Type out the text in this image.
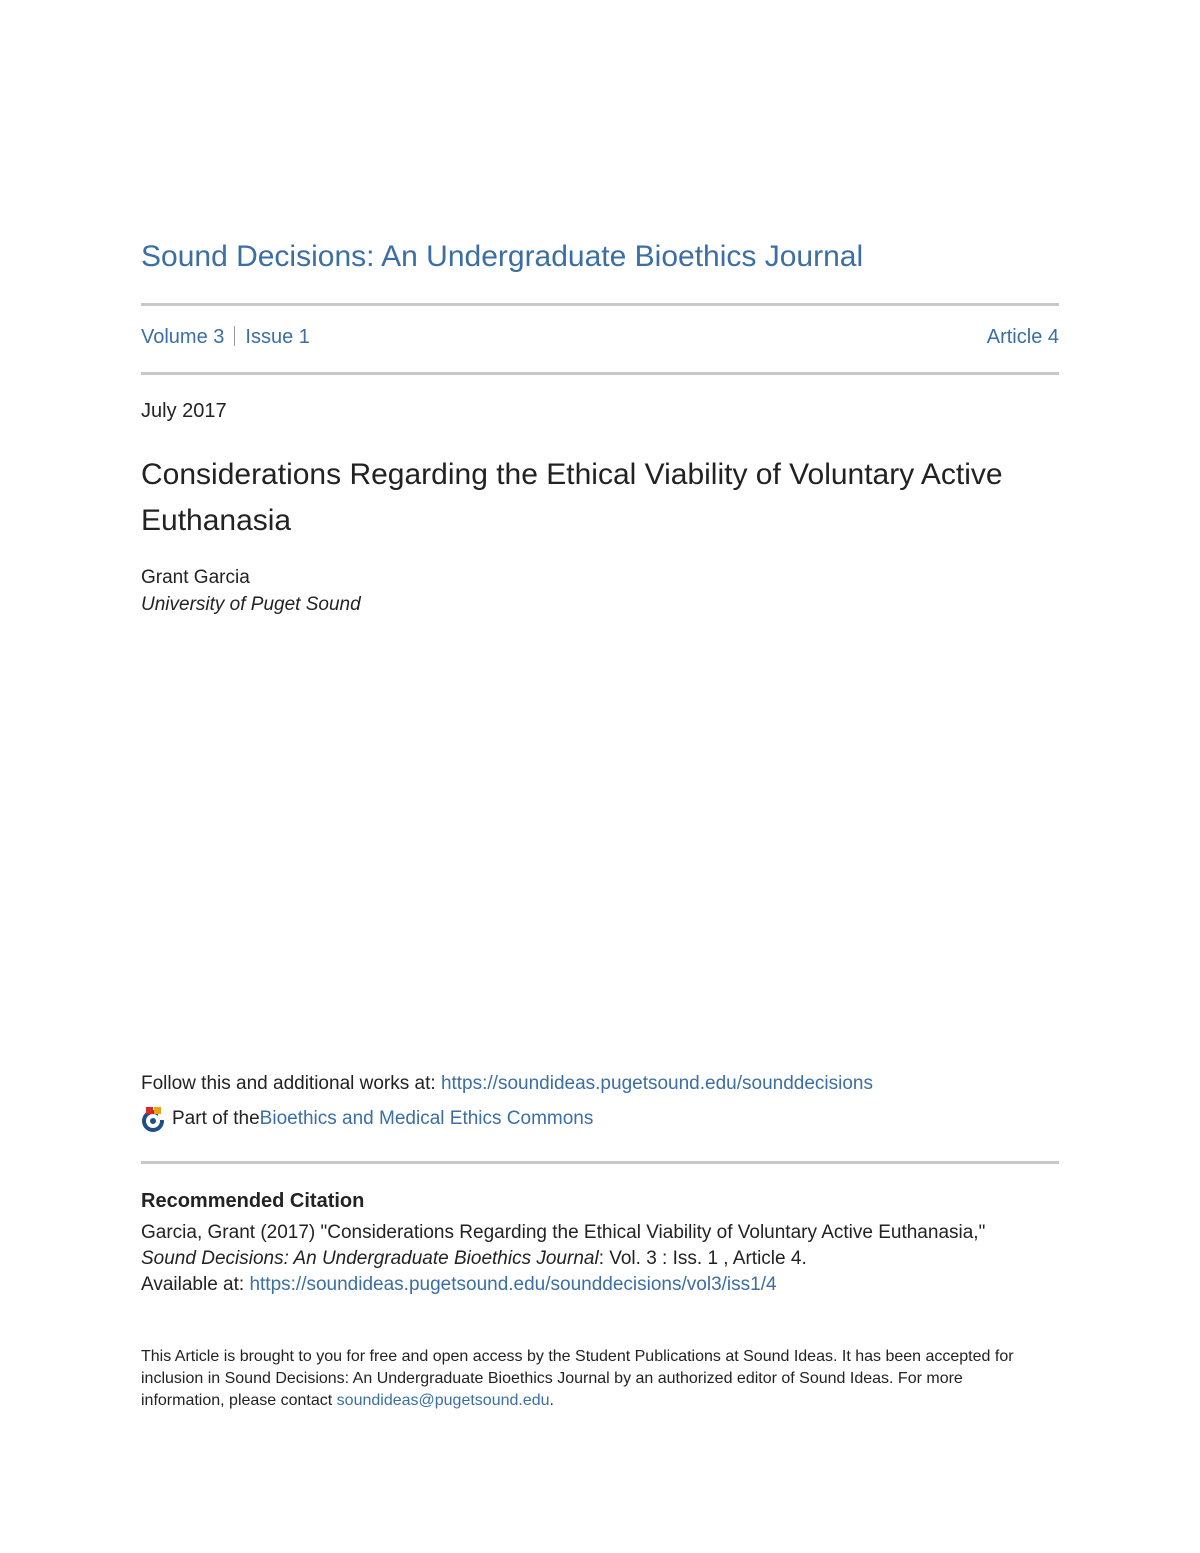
Sound Decisions: An Undergraduate Bioethics Journal
Volume 3 Issue 1	Article 4
July 2017
Considerations Regarding the Ethical Viability of Voluntary Active Euthanasia
Grant Garcia
University of Puget Sound
Follow this and additional works at: https://soundideas.pugetsound.edu/sounddecisions
Part of the Bioethics and Medical Ethics Commons
Recommended Citation
Garcia, Grant (2017) "Considerations Regarding the Ethical Viability of Voluntary Active Euthanasia,"
Sound Decisions: An Undergraduate Bioethics Journal: Vol. 3 : Iss. 1 , Article 4.
Available at: https://soundideas.pugetsound.edu/sounddecisions/vol3/iss1/4
This Article is brought to you for free and open access by the Student Publications at Sound Ideas. It has been accepted for inclusion in Sound Decisions: An Undergraduate Bioethics Journal by an authorized editor of Sound Ideas. For more information, please contact soundideas@pugetsound.edu.
